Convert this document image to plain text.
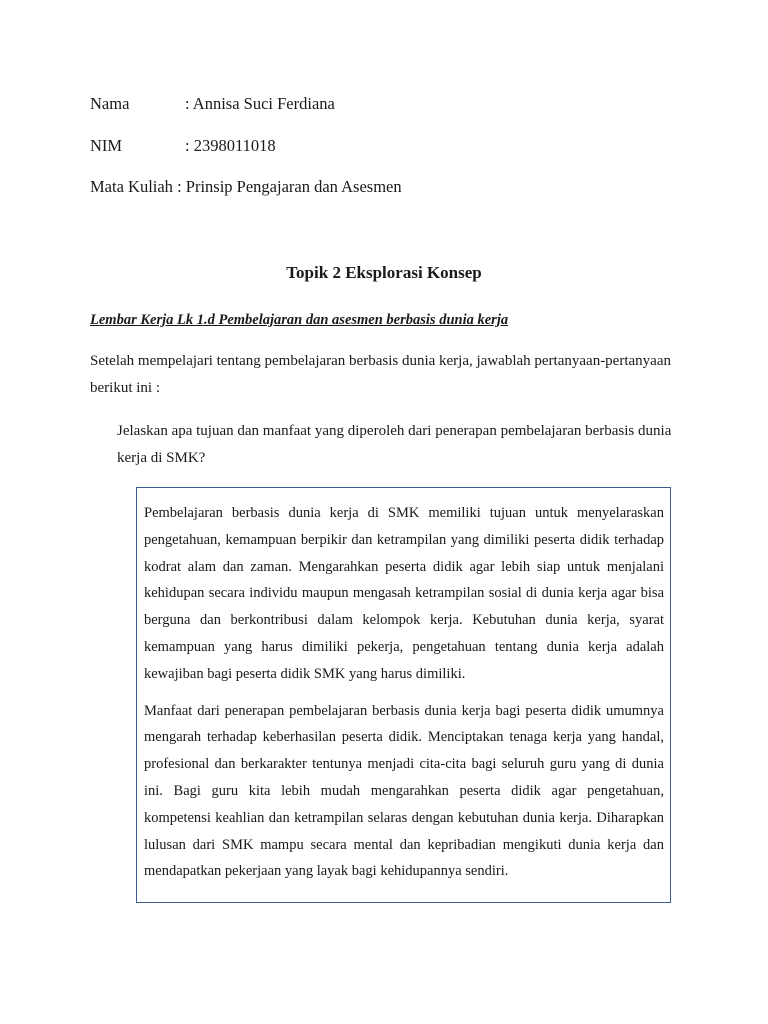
Nama	: Annisa Suci Ferdiana
NIM	: 2398011018
Mata Kuliah : Prinsip Pengajaran dan Asesmen
Topik 2 Eksplorasi Konsep
Lembar Kerja Lk 1.d Pembelajaran dan asesmen berbasis dunia kerja
Setelah mempelajari tentang pembelajaran berbasis dunia kerja, jawablah pertanyaan-pertanyaan berikut ini :
Jelaskan apa tujuan dan manfaat yang diperoleh dari penerapan pembelajaran berbasis dunia kerja di SMK?

Pembelajaran berbasis dunia kerja di SMK memiliki tujuan untuk menyelaraskan pengetahuan, kemampuan berpikir dan ketrampilan yang dimiliki peserta didik terhadap kodrat alam dan zaman. Mengarahkan peserta didik agar lebih siap untuk menjalani kehidupan secara individu maupun mengasah ketrampilan sosial di dunia kerja agar bisa berguna dan berkontribusi dalam kelompok kerja. Kebutuhan dunia kerja, syarat kemampuan yang harus dimiliki pekerja, pengetahuan tentang dunia kerja adalah kewajiban bagi peserta didik SMK yang harus dimiliki.

Manfaat dari penerapan pembelajaran berbasis dunia kerja bagi peserta didik umumnya mengarah terhadap keberhasilan peserta didik. Menciptakan tenaga kerja yang handal, profesional dan berkarakter tentunya menjadi cita-cita bagi seluruh guru yang di dunia ini. Bagi guru kita lebih mudah mengarahkan peserta didik agar pengetahuan, kompetensi keahlian dan ketrampilan selaras dengan kebutuhan dunia kerja. Diharapkan lulusan dari SMK mampu secara mental dan kepribadian mengikuti dunia kerja dan mendapatkan pekerjaan yang layak bagi kehidupannya sendiri.
